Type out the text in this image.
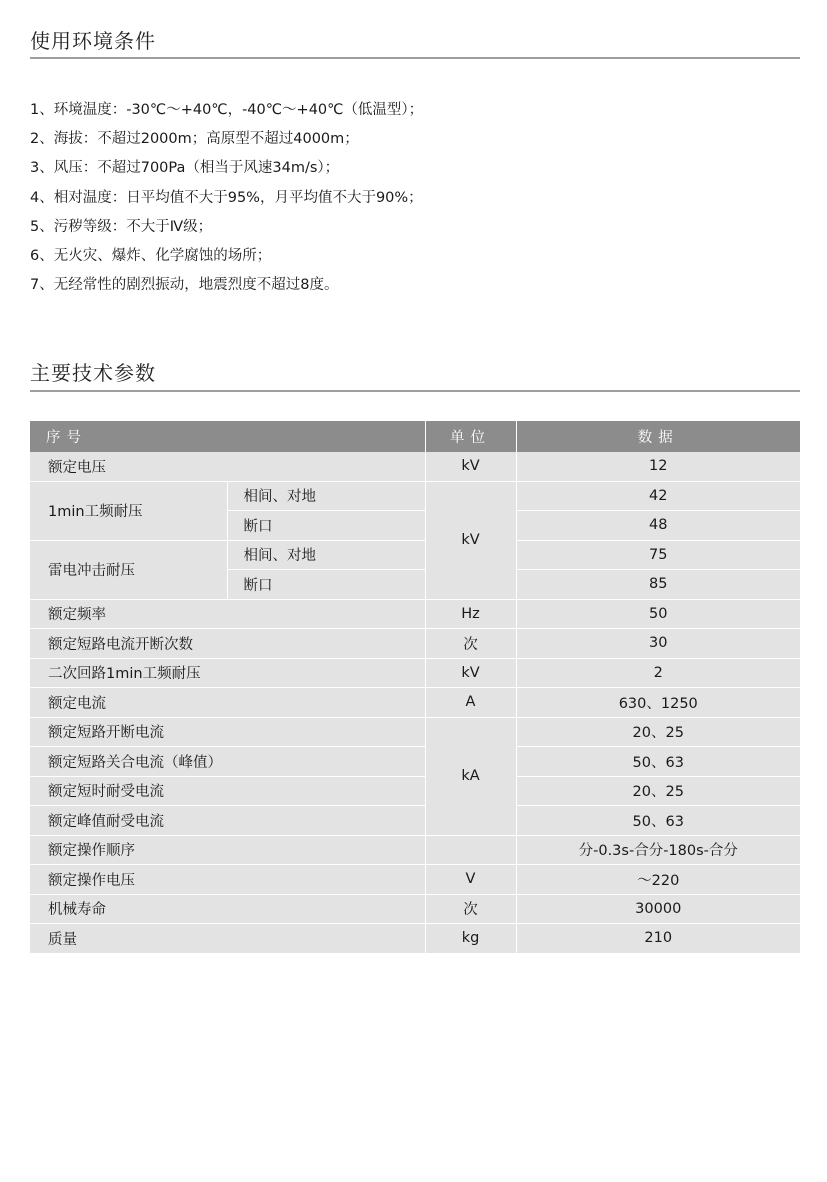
使用环境条件
1、环境温度：-30℃～+40℃，-40℃～+40℃（低温型）；
2、海拔：不超过2000m；高原型不超过4000m；
3、风压：不超过700Pa（相当于风速34m/s）；
4、相对温度：日平均值不大于95%，月平均值不大于90%；
5、污秽等级：不大于Ⅳ级；
6、无火灾、爆炸、化学腐蚀的场所；
7、无经常性的剧烈振动，地震烈度不超过8度。
主要技术参数
序号		单位	数据
额定电压		kV	12
1min工频耐压	相间、对地	kV	42
	断口		48
雷电冲击耐压	相间、对地		75
	断口		85
额定频率		Hz	50
额定短路电流开断次数		次	30
二次回路1min工频耐压		kV	2
额定电流		A	630、1250
额定短路开断电流		kA	20、25
额定短路关合电流（峰值）			50、63
额定短时耐受电流			20、25
额定峰值耐受电流			50、63
额定操作顺序			分-0.3s-合分-180s-合分
额定操作电压		V	～220
机械寿命		次	30000
质量		kg	210
